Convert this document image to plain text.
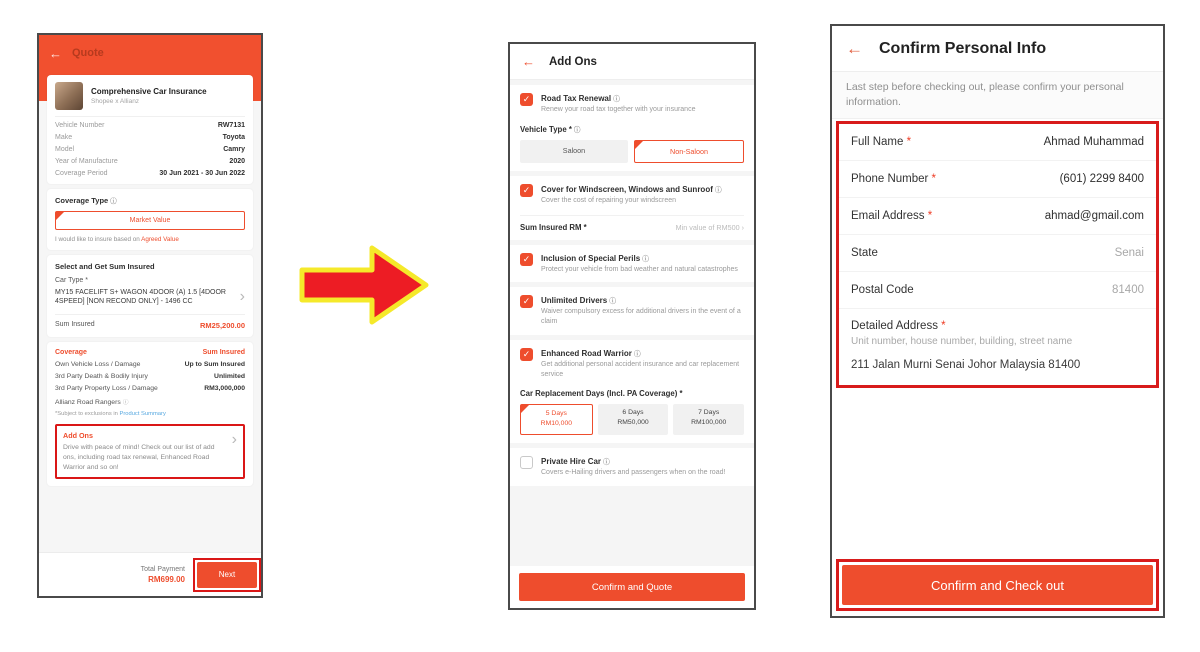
← Quote
Comprehensive Car Insurance
Shopee x Allianz
Vehicle Number	RW7131
Make	Toyota
Model	Camry
Year of Manufacture	2020
Coverage Period	30 Jun 2021 - 30 Jun 2022
Coverage Type ⓘ
Market Value
I would like to insure based on Agreed Value
Select and Get Sum Insured
Car Type *
MY15 FACELIFT S+ WAGON 4DOOR (A) 1.5 [4DOOR 4SPEED] [NON RECOND ONLY] - 1496 CC	›
Sum Insured	RM25,200.00
Coverage	Sum Insured
Own Vehicle Loss / Damage	Up to Sum Insured
3rd Party Death & Bodily Injury	Unlimited
3rd Party Property Loss / Damage	RM3,000,000
Allianz Road Rangers ⓘ
*Subject to exclusions in Product Summary
Add Ons
Drive with peace of mind! Check out our list of add ons, including road tax renewal, Enhanced Road Warrior and so on!
›
Total Payment
RM699.00	Next
← Add Ons
✓	Road Tax Renewal ⓘ
Renew your road tax together with your insurance
Vehicle Type * ⓘ
Saloon	Non-Saloon
✓	Cover for Windscreen, Windows and Sunroof ⓘ
Cover the cost of repairing your windscreen
Sum Insured RM *	Min value of RM500 ›
✓	Inclusion of Special Perils ⓘ
Protect your vehicle from bad weather and natural catastrophes
✓	Unlimited Drivers ⓘ
Waiver compulsory excess for additional drivers in the event of a claim
✓	Enhanced Road Warrior ⓘ
Get additional personal accident insurance and car replacement service
Car Replacement Days (Incl. PA Coverage) *
5 Days
RM10,000
6 Days
RM50,000
7 Days
RM100,000
Private Hire Car ⓘ
Covers e-Hailing drivers and passengers when on the road!
Confirm and Quote
← Confirm Personal Info
Last step before checking out, please confirm your personal information.
Full Name *	Ahmad Muhammad
Phone Number *	(601) 2299 8400
Email Address *	ahmad@gmail.com
State	Senai
Postal Code	81400
Detailed Address *
Unit number, house number, building, street name
211 Jalan Murni Senai Johor Malaysia 81400
Confirm and Check out
